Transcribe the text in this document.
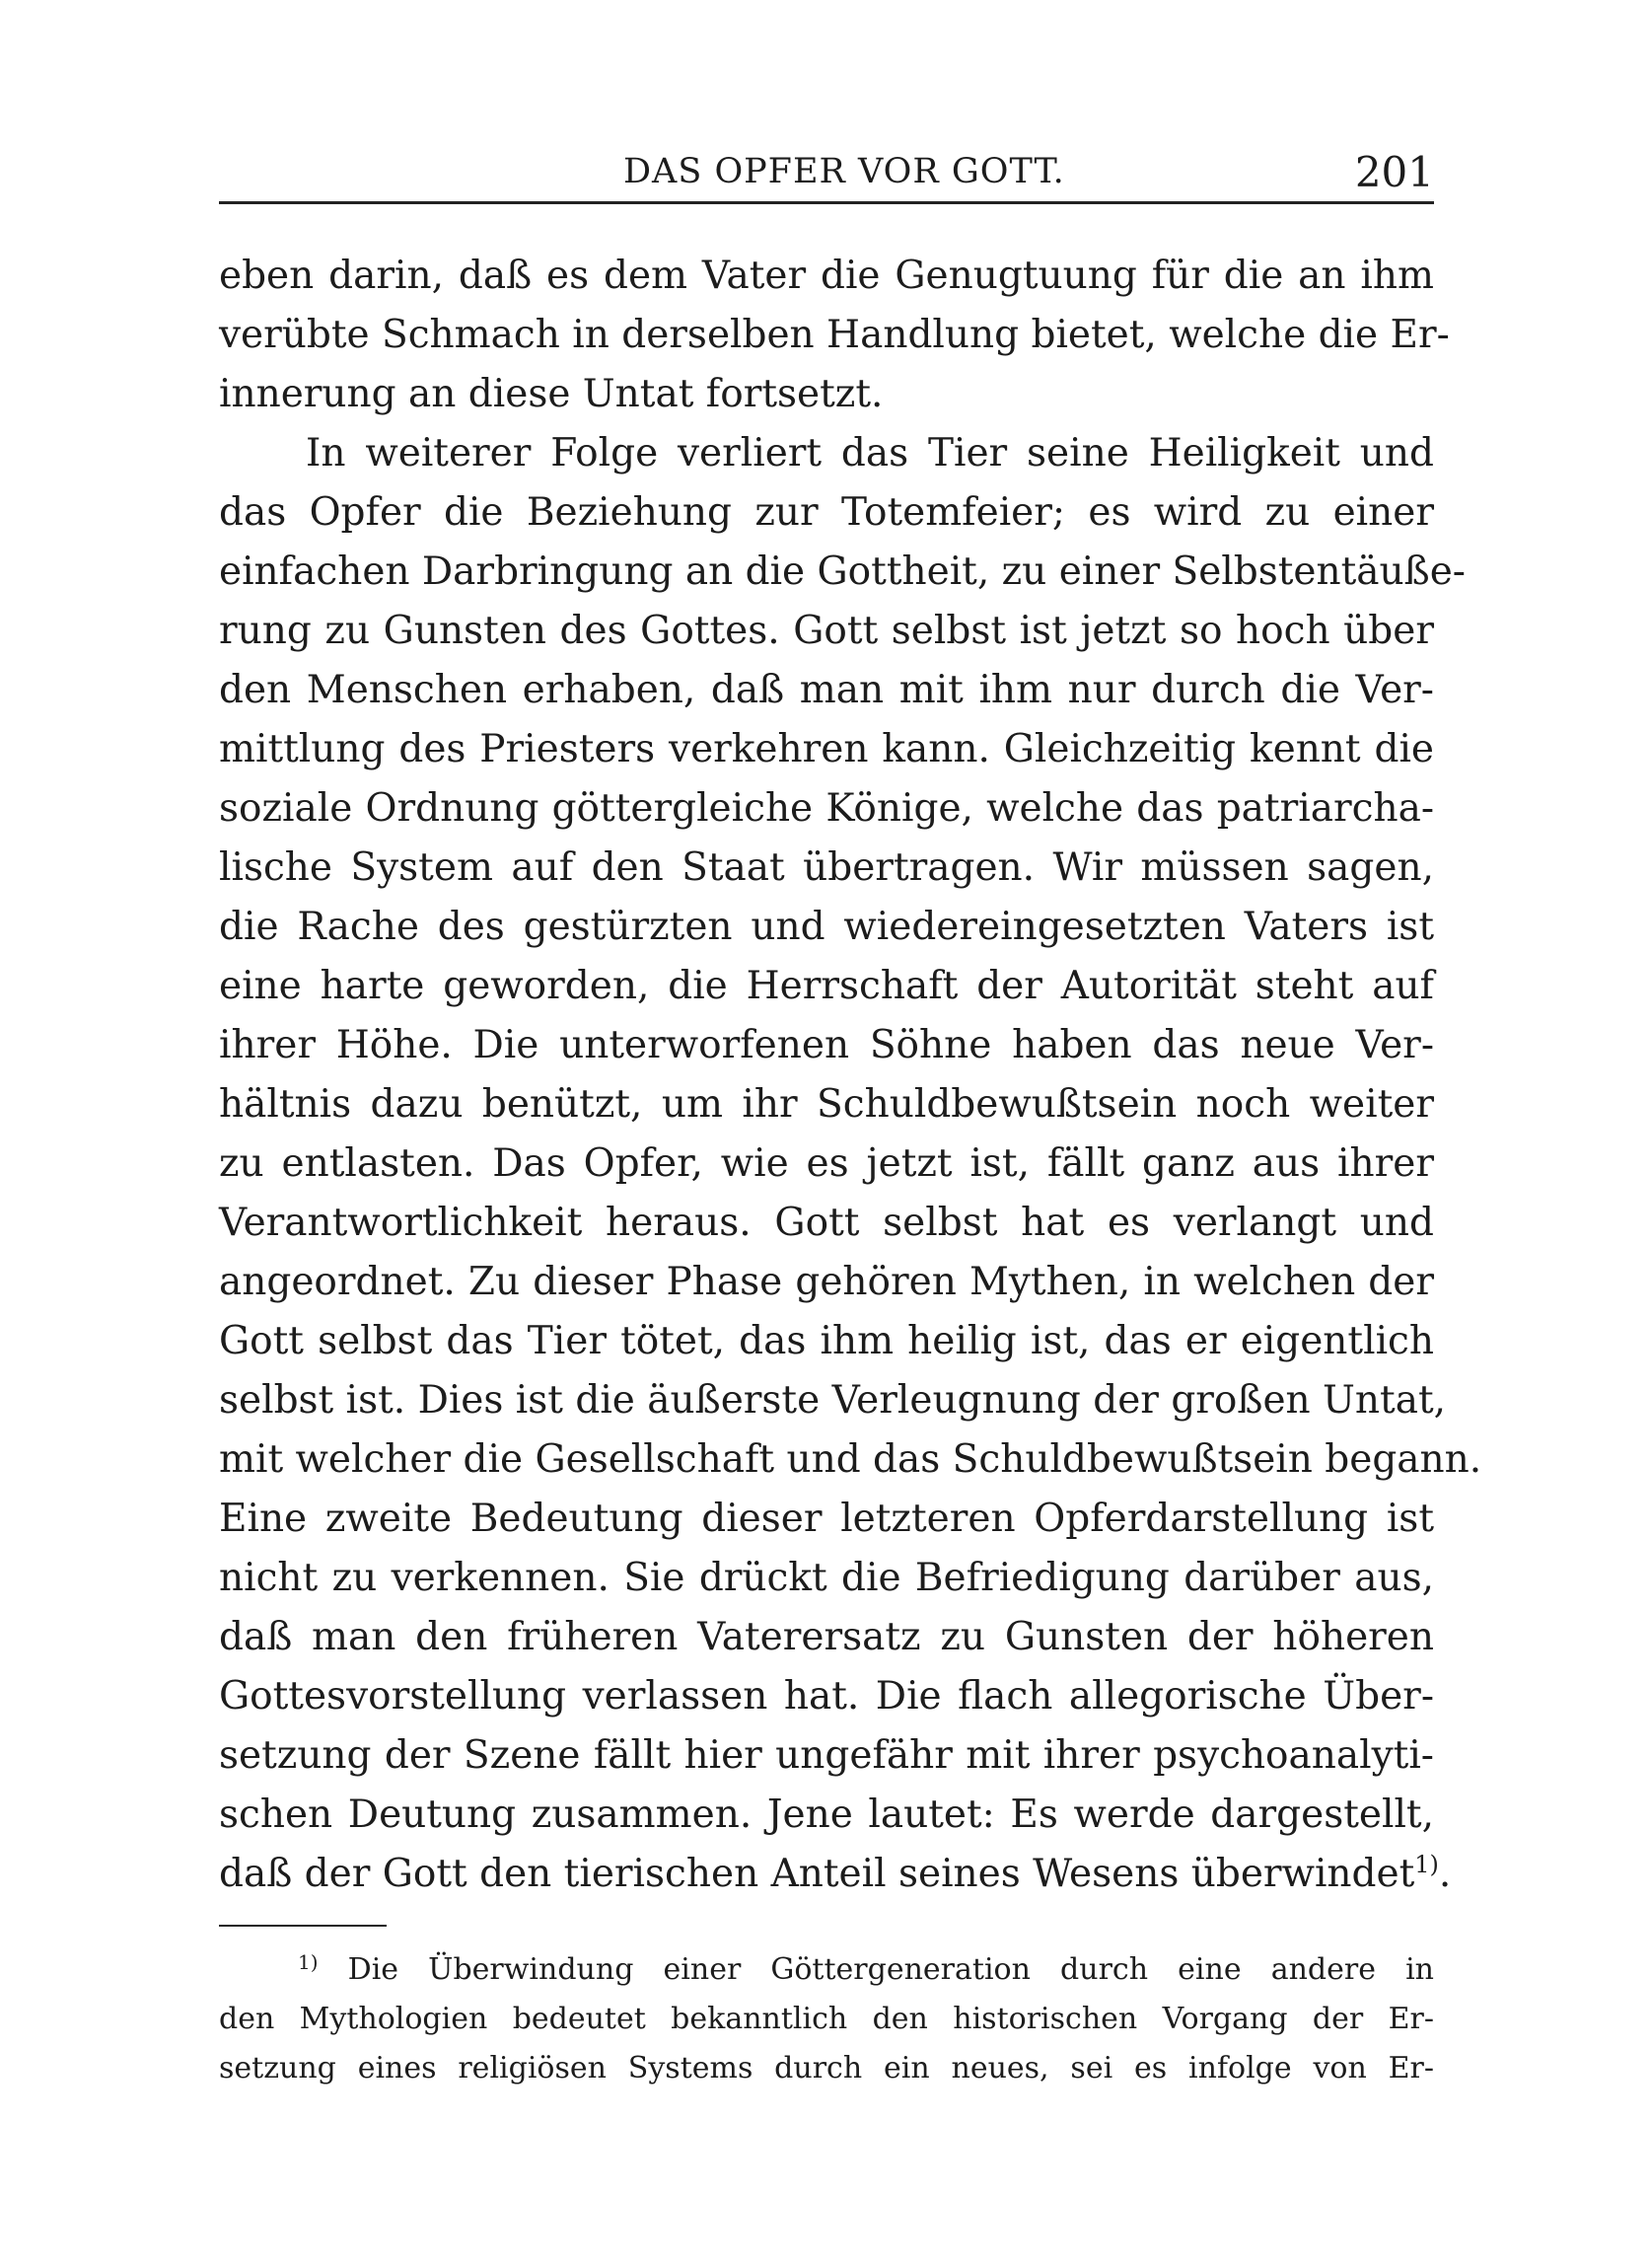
DAS OPFER VOR GOTT.	201
eben darin, daß es dem Vater die Genugtuung für die an ihm
verübte Schmach in derselben Handlung bietet, welche die Er-
innerung an diese Untat fortsetzt.
In weiterer Folge verliert das Tier seine Heiligkeit und
das Opfer die Beziehung zur Totemfeier; es wird zu einer
einfachen Darbringung an die Gottheit, zu einer Selbstentäuße-
rung zu Gunsten des Gottes. Gott selbst ist jetzt so hoch über
den Menschen erhaben, daß man mit ihm nur durch die Ver-
mittlung des Priesters verkehren kann. Gleichzeitig kennt die
soziale Ordnung göttergleiche Könige, welche das patriarcha-
lische System auf den Staat übertragen. Wir müssen sagen,
die Rache des gestürzten und wiedereingesetzten Vaters ist
eine harte geworden, die Herrschaft der Autorität steht auf
ihrer Höhe. Die unterworfenen Söhne haben das neue Ver-
hältnis dazu benützt, um ihr Schuldbewußtsein noch weiter
zu entlasten. Das Opfer, wie es jetzt ist, fällt ganz aus ihrer
Verantwortlichkeit heraus. Gott selbst hat es verlangt und
angeordnet. Zu dieser Phase gehören Mythen, in welchen der
Gott selbst das Tier tötet, das ihm heilig ist, das er eigentlich
selbst ist. Dies ist die äußerste Verleugnung der großen Untat,
mit welcher die Gesellschaft und das Schuldbewußtsein begann.
Eine zweite Bedeutung dieser letzteren Opferdarstellung ist
nicht zu verkennen. Sie drückt die Befriedigung darüber aus,
daß man den früheren Vaterersatz zu Gunsten der höheren
Gottesvorstellung verlassen hat. Die flach allegorische Über-
setzung der Szene fällt hier ungefähr mit ihrer psychoanalyti-
schen Deutung zusammen. Jene lautet: Es werde dargestellt,
daß der Gott den tierischen Anteil seines Wesens überwindet$^{1)}$.
$^{1)}$ Die Überwindung einer Göttergeneration durch eine andere in
den Mythologien bedeutet bekanntlich den historischen Vorgang der Er-
setzung eines religiösen Systems durch ein neues, sei es infolge von Er-
